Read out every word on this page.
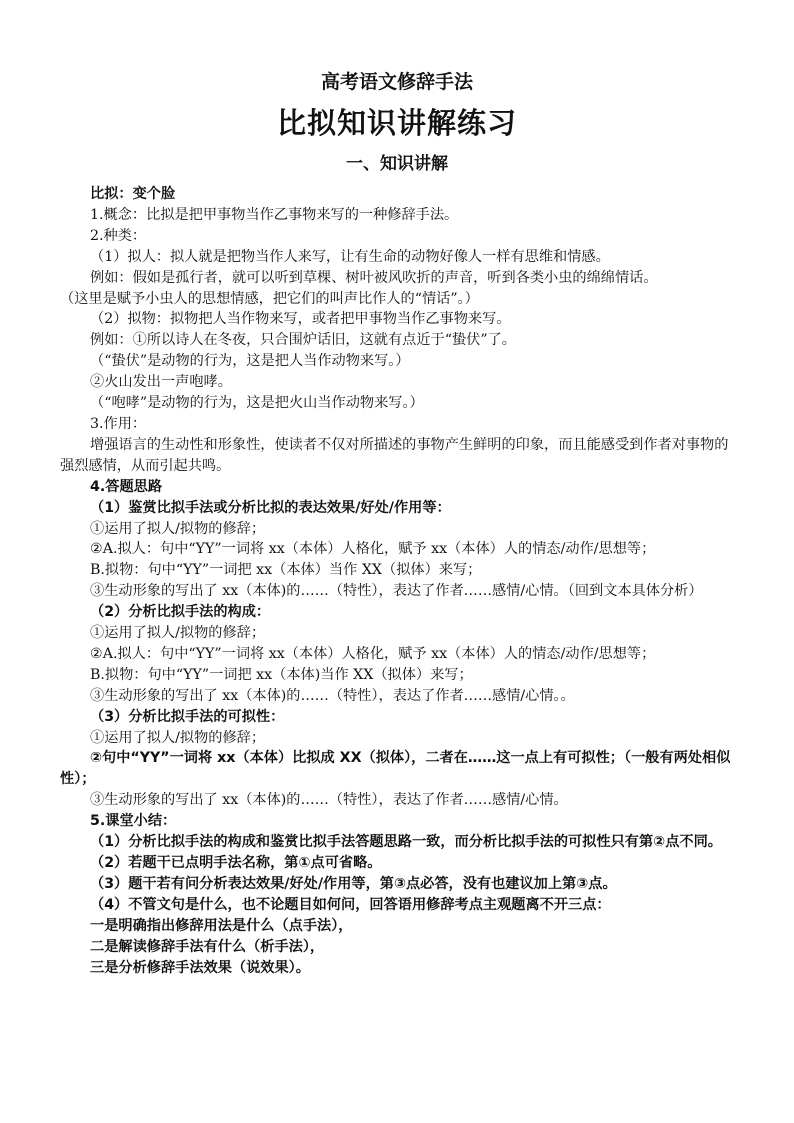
高考语文修辞手法
比拟知识讲解练习
一、知识讲解

比拟：变个脸

1.概念：比拟是把甲事物当作乙事物来写的一种修辞手法。

2.种类：

（1）拟人：拟人就是把物当作人来写，让有生命的动物好像人一样有思维和情感。

例如：假如是孤行者，就可以听到草棵、树叶被风吹折的声音，听到各类小虫的绵绵情话。

（这里是赋予小虫人的思想情感，把它们的叫声比作人的“情话”。）

（2）拟物：拟物把人当作物来写，或者把甲事物当作乙事物来写。

例如：①所以诗人在冬夜，只合围炉话旧，这就有点近于“蛰伏”了。

（“蛰伏”是动物的行为，这是把人当作动物来写。）

②火山发出一声咆哮。

（“咆哮”是动物的行为，这是把火山当作动物来写。）

3.作用：

增强语言的生动性和形象性，使读者不仅对所描述的事物产生鲜明的印象，而且能感受到作者对事物的强烈感情，从而引起共鸣。

4.答题思路

（1）鉴赏比拟手法或分析比拟的表达效果/好处/作用等：

①运用了拟人/拟物的修辞；

②A.拟人：句中“YY”一词将 xx（本体）人格化，赋予 xx（本体）人的情态/动作/思想等；

B.拟物：句中“YY”一词把 xx（本体）当作 XX（拟体）来写；

③生动形象的写出了 xx（本体)的……（特性），表达了作者……感情/心情。（回到文本具体分析）

（2）分析比拟手法的构成：

①运用了拟人/拟物的修辞；

②A.拟人：句中“YY”一词将 xx（本体）人格化，赋予 xx（本体）人的情态/动作/思想等；

B.拟物：句中“YY”一词把 xx（本体)当作 XX（拟体）来写；

③生动形象的写出了 xx（本体)的……（特性），表达了作者……感情/心情。。

（3）分析比拟手法的可拟性：

①运用了拟人/拟物的修辞；

②句中“YY”一词将 xx（本体）比拟成 XX（拟体），二者在……这一点上有可拟性；（一般有两处相似性）；

③生动形象的写出了 xx（本体)的……（特性），表达了作者……感情/心情。

5.课堂小结：

（1）分析比拟手法的构成和鉴赏比拟手法答题思路一致，而分析比拟手法的可拟性只有第②点不同。

（2）若题干已点明手法名称，第①点可省略。

（3）题干若有问分析表达效果/好处/作用等，第③点必答，没有也建议加上第③点。

（4）不管文句是什么，也不论题目如何问，回答语用修辞考点主观题离不开三点：

一是明确指出修辞用法是什么（点手法），

二是解读修辞手法有什么（析手法），

三是分析修辞手法效果（说效果）。
